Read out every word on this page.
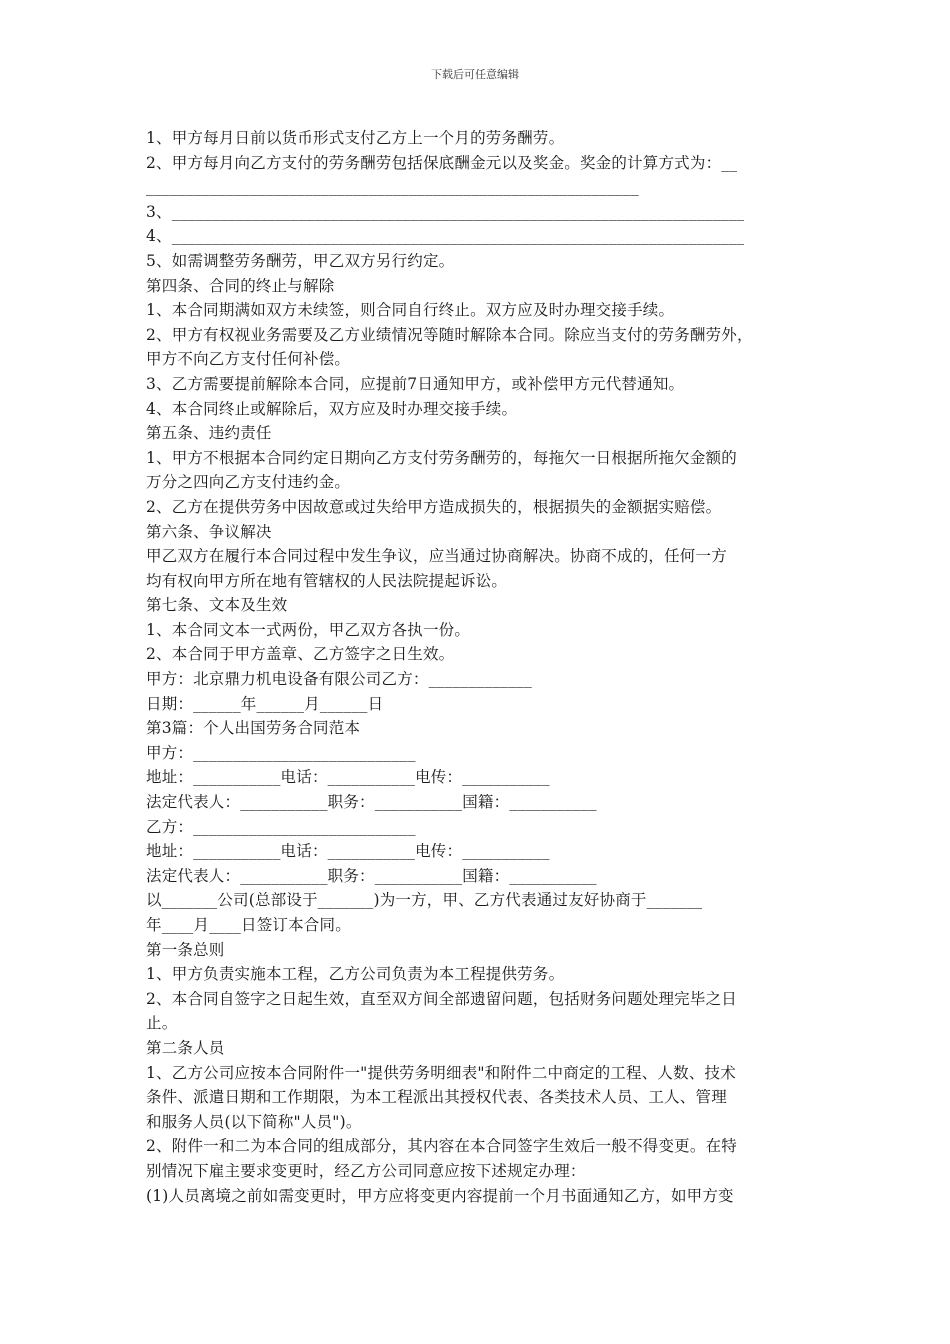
下载后可任意编辑
1、甲方每月日前以货币形式支付乙方上一个月的劳务酬劳。
2、甲方每月向乙方支付的劳务酬劳包括保底酬金元以及奖金。奖金的计算方式为：__
______________________________________________________________
3、________________________________________________________________________
4、________________________________________________________________________
5、如需调整劳务酬劳，甲乙双方另行约定。
第四条、合同的终止与解除
1、本合同期满如双方未续签，则合同自行终止。双方应及时办理交接手续。
2、甲方有权视业务需要及乙方业绩情况等随时解除本合同。除应当支付的劳务酬劳外，
甲方不向乙方支付任何补偿。
3、乙方需要提前解除本合同，应提前7日通知甲方，或补偿甲方元代替通知。
4、本合同终止或解除后，双方应及时办理交接手续。
第五条、违约责任
1、甲方不根据本合同约定日期向乙方支付劳务酬劳的，每拖欠一日根据所拖欠金额的
万分之四向乙方支付违约金。
2、乙方在提供劳务中因故意或过失给甲方造成损失的，根据损失的金额据实赔偿。
第六条、争议解决
甲乙双方在履行本合同过程中发生争议，应当通过协商解决。协商不成的，任何一方
均有权向甲方所在地有管辖权的人民法院提起诉讼。
第七条、文本及生效
1、本合同文本一式两份，甲乙双方各执一份。
2、本合同于甲方盖章、乙方签字之日生效。
甲方：北京鼎力机电设备有限公司乙方：_____________
日期：______年______月______日
第3篇：个人出国劳务合同范本
甲方：____________________________
地址：___________电话：___________电传：___________
法定代表人：___________职务：___________国籍：___________
乙方：____________________________
地址：___________电话：___________电传：___________
法定代表人：___________职务：___________国籍：___________
以_______公司(总部设于_______)为一方，甲、乙方代表通过友好协商于_______
年____月____日签订本合同。
第一条总则
1、甲方负责实施本工程，乙方公司负责为本工程提供劳务。
2、本合同自签字之日起生效，直至双方间全部遗留问题，包括财务问题处理完毕之日
止。
第二条人员
1、乙方公司应按本合同附件一"提供劳务明细表"和附件二中商定的工程、人数、技术
条件、派遣日期和工作期限，为本工程派出其授权代表、各类技术人员、工人、管理
和服务人员(以下简称"人员")。
2、附件一和二为本合同的组成部分，其内容在本合同签字生效后一般不得变更。在特
别情况下雇主要求变更时，经乙方公司同意应按下述规定办理：
(1)人员离境之前如需变更时，甲方应将变更内容提前一个月书面通知乙方，如甲方变
